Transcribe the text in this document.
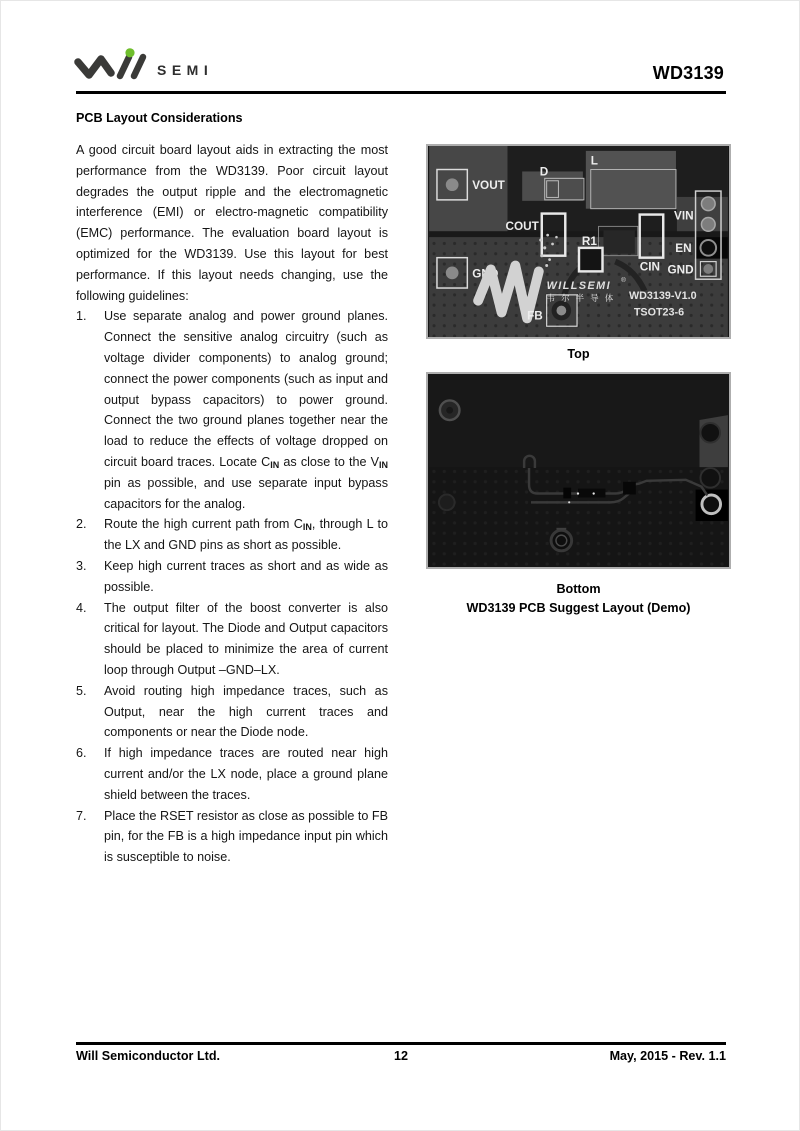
SEMI	WD3139
PCB Layout Considerations
A good circuit board layout aids in extracting the most performance from the WD3139. Poor circuit layout degrades the output ripple and the electromagnetic interference (EMI) or electro-magnetic compatibility (EMC) performance. The evaluation board layout is optimized for the WD3139. Use this layout for best performance. If this layout needs changing, use the following guidelines:
1.	Use separate analog and power ground planes. Connect the sensitive analog circuitry (such as voltage divider components) to analog ground; connect the power components (such as input and output bypass capacitors) to power ground. Connect the two ground planes together near the load to reduce the effects of voltage dropped on circuit board traces. Locate $C_{IN}$ as close to the $V_{IN}$ pin as possible, and use separate input bypass capacitors for the analog.
2.	Route the high current path from $C_{IN}$, through L to the LX and GND pins as short as possible.
3.	Keep high current traces as short and as wide as possible.
4.	The output filter of the boost converter is also critical for layout. The Diode and Output capacitors should be placed to minimize the area of current loop through Output –GND–LX.
5.	Avoid routing high impedance traces, such as Output, near the high current traces and components or near the Diode node.
6.	If high impedance traces are routed near high current and/or the LX node, place a ground plane shield between the traces.
7.	Place the RSET resistor as close as possible to FB pin, for the FB is a high impedance input pin which is susceptible to noise.
VOUT
GND
D
L
COUT
R1
CIN
VIN
EN
GND
FB
WILLSEMI ®
韦 尔 半 导 体 WD3139-V1.0
TSOT23-6
Top
Bottom
WD3139 PCB Suggest Layout (Demo)
Will Semiconductor Ltd.	12	May, 2015 - Rev. 1.1
